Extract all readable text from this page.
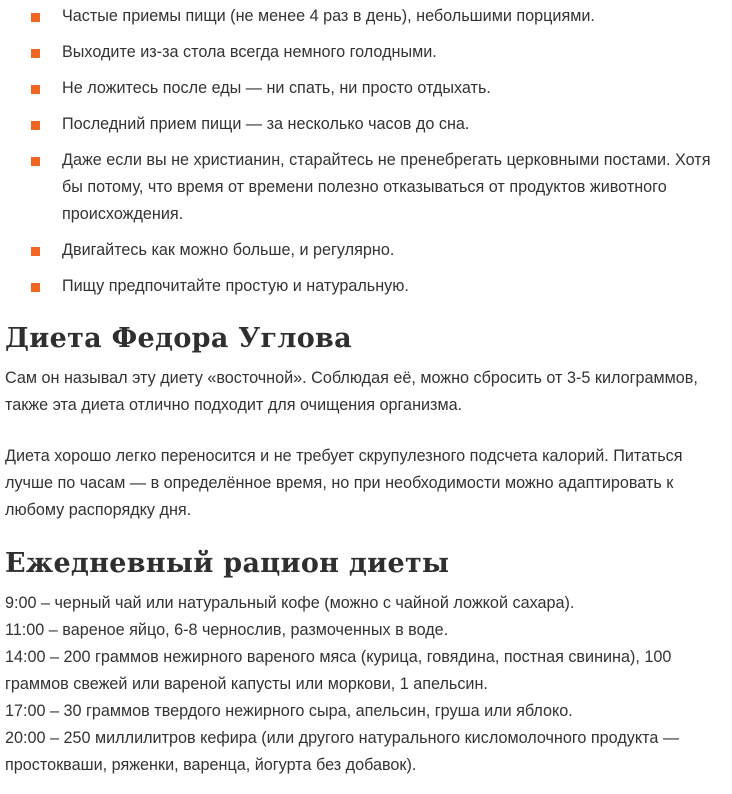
Частые приемы пищи (не менее 4 раз в день), небольшими порциями.
Выходите из-за стола всегда немного голодными.
Не ложитесь после еды — ни спать, ни просто отдыхать.
Последний прием пищи — за несколько часов до сна.
Даже если вы не христианин, старайтесь не пренебрегать церковными постами. Хотя бы потому, что время от времени полезно отказываться от продуктов животного происхождения.
Двигайтесь как можно больше, и регулярно.
Пищу предпочитайте простую и натуральную.
Диета Федора Углова

Сам он называл эту диету «восточной». Соблюдая её, можно сбросить от 3-5 килограммов, также эта диета отлично подходит для очищения организма.

Диета хорошо легко переносится и не требует скрупулезного подсчета калорий. Питаться лучше по часам — в определённое время, но при необходимости можно адаптировать к любому распорядку дня.

Ежедневный рацион диеты
9:00 – черный чай или натуральный кофе (можно с чайной ложкой сахара).
11:00 – вареное яйцо, 6-8 чернослив, размоченных в воде.
14:00 – 200 граммов нежирного вареного мяса (курица, говядина, постная свинина), 100 граммов свежей или вареной капусты или моркови, 1 апельсин.
17:00 – 30 граммов твердого нежирного сыра, апельсин, груша или яблоко.
20:00 – 250 миллилитров кефира (или другого натурального кисломолочного продукта — простокваши, ряженки, варенца, йогурта без добавок).
